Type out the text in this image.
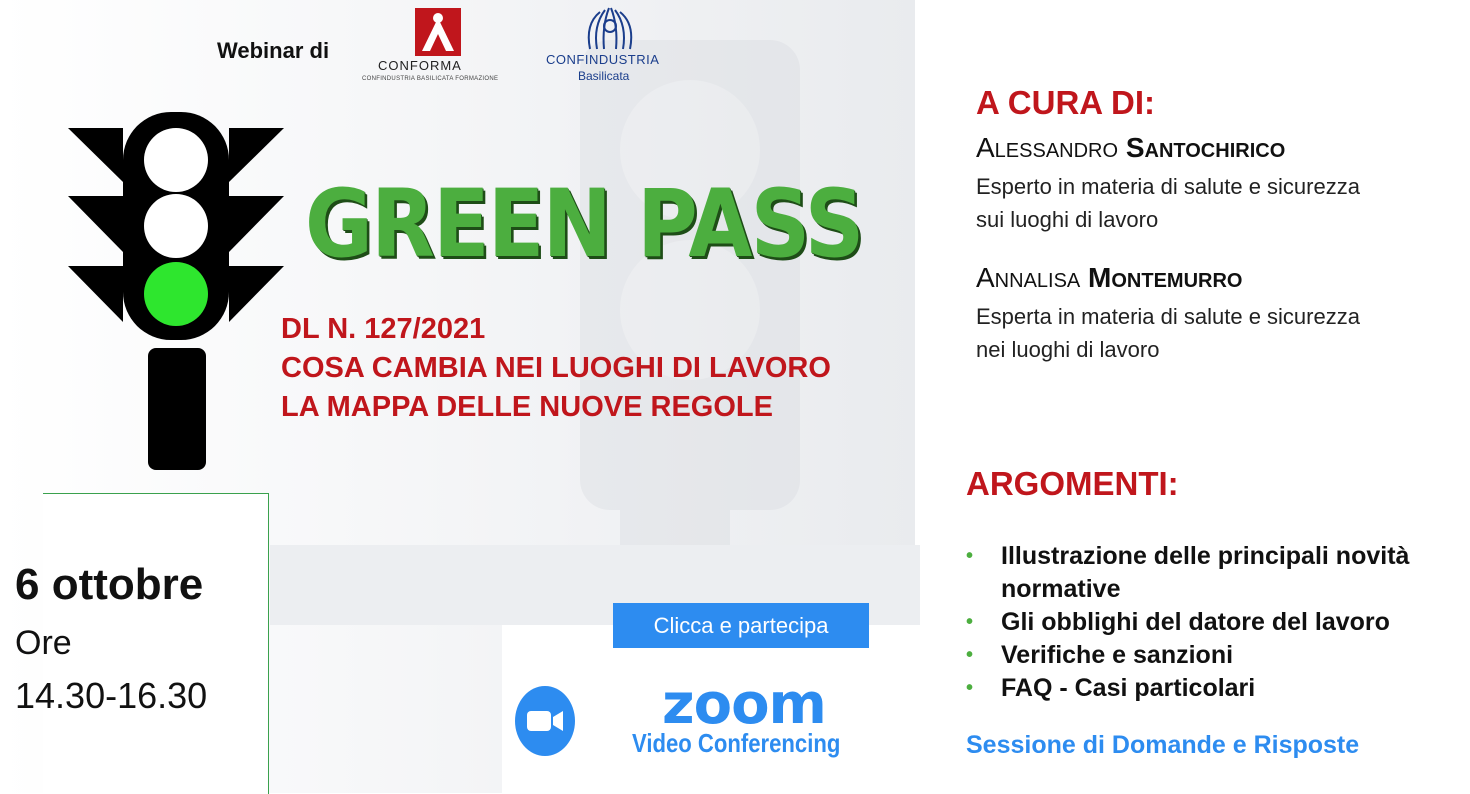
Webinar di
CONFORMA
CONFINDUSTRIA BASILICATA FORMAZIONE
CONFINDUSTRIA
Basilicata
GREEN PASS
DL N. 127/2021
COSA CAMBIA NEI LUOGHI DI LAVORO
LA MAPPA DELLE NUOVE REGOLE
6 ottobre
Ore
14.30-16.30
Clicca e partecipa
zoom
Video Conferencing
A CURA DI:
Alessandro Santochirico
Esperto in materia di salute e sicurezza
sui luoghi di lavoro
Annalisa Montemurro
Esperta in materia di salute e sicurezza
nei luoghi di lavoro
ARGOMENTI:
• Illustrazione delle principali novità normative
• Gli obblighi del datore del lavoro
• Verifiche e sanzioni
• FAQ - Casi particolari
Sessione di Domande e Risposte
